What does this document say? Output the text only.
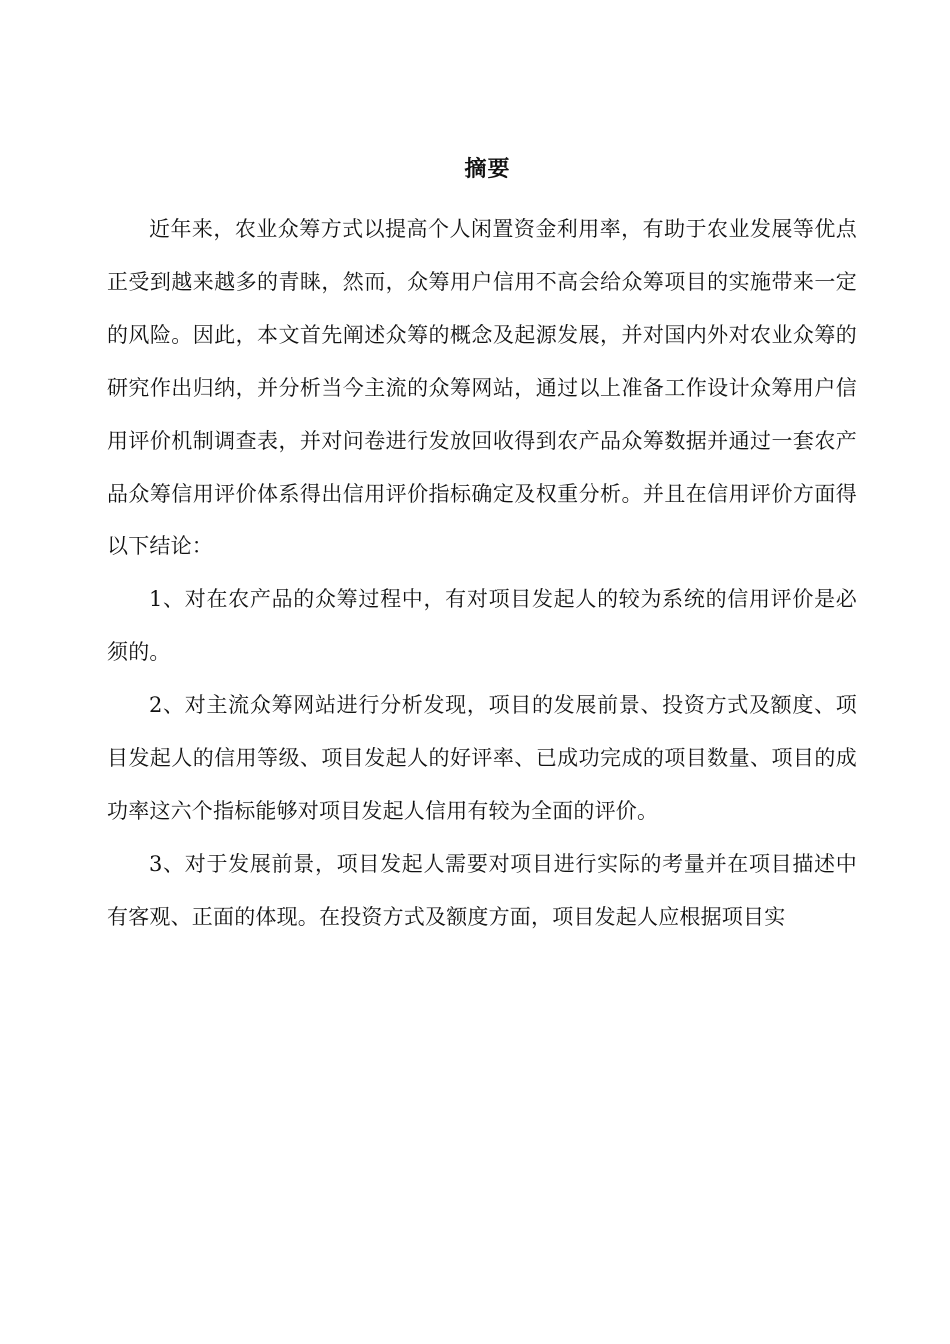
摘要

近年来，农业众筹方式以提高个人闲置资金利用率，有助于农业发展等优点正受到越来越多的青睐，然而，众筹用户信用不高会给众筹项目的实施带来一定的风险。因此，本文首先阐述众筹的概念及起源发展，并对国内外对农业众筹的研究作出归纳，并分析当今主流的众筹网站，通过以上准备工作设计众筹用户信用评价机制调查表，并对问卷进行发放回收得到农产品众筹数据并通过一套农产品众筹信用评价体系得出信用评价指标确定及权重分析。并且在信用评价方面得以下结论：

1、对在农产品的众筹过程中，有对项目发起人的较为系统的信用评价是必须的。

2、对主流众筹网站进行分析发现，项目的发展前景、投资方式及额度、项目发起人的信用等级、项目发起人的好评率、已成功完成的项目数量、项目的成功率这六个指标能够对项目发起人信用有较为全面的评价。

3、对于发展前景，项目发起人需要对项目进行实际的考量并在项目描述中有客观、正面的体现。在投资方式及额度方面，项目发起人应根据项目实
